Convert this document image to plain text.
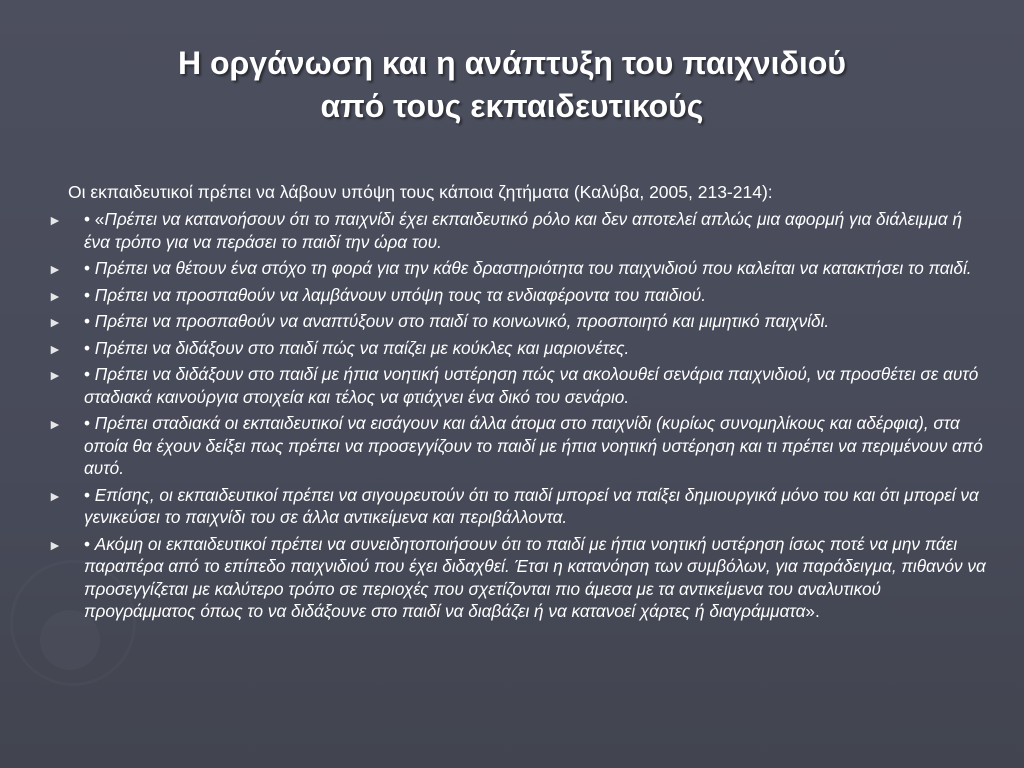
Η οργάνωση και η ανάπτυξη του παιχνιδιού
από τους εκπαιδευτικούς
Οι εκπαιδευτικοί πρέπει να λάβουν υπόψη τους κάποια ζητήματα (Καλύβα, 2005, 213-214):
► • «Πρέπει να κατανοήσουν ότι το παιχνίδι έχει εκπαιδευτικό ρόλο και δεν αποτελεί απλώς μια αφορμή για διάλειμμα ή ένα τρόπο για να περάσει το παιδί την ώρα του.
► • Πρέπει να θέτουν ένα στόχο τη φορά για την κάθε δραστηριότητα του παιχνιδιού που καλείται να κατακτήσει το παιδί.
► • Πρέπει να προσπαθούν να λαμβάνουν υπόψη τους τα ενδιαφέροντα του παιδιού.
► • Πρέπει να προσπαθούν να αναπτύξουν στο παιδί το κοινωνικό, προσποιητό και μιμητικό παιχνίδι.
► • Πρέπει να διδάξουν στο παιδί πώς να παίζει με κούκλες και μαριονέτες.
► • Πρέπει να διδάξουν στο παιδί με ήπια νοητική υστέρηση πώς να ακολουθεί σενάρια παιχνιδιού, να προσθέτει σε αυτό σταδιακά καινούργια στοιχεία και τέλος να φτιάχνει ένα δικό του σενάριο.
► • Πρέπει σταδιακά οι εκπαιδευτικοί να εισάγουν και άλλα άτομα στο παιχνίδι (κυρίως συνομηλίκους και αδέρφια), στα οποία θα έχουν δείξει πως πρέπει να προσεγγίζουν το παιδί με ήπια νοητική υστέρηση και τι πρέπει να περιμένουν από αυτό.
► • Επίσης, οι εκπαιδευτικοί πρέπει να σιγουρευτούν ότι το παιδί μπορεί να παίξει δημιουργικά μόνο του και ότι μπορεί να γενικεύσει το παιχνίδι του σε άλλα αντικείμενα και περιβάλλοντα.
► • Ακόμη οι εκπαιδευτικοί πρέπει να συνειδητοποιήσουν ότι το παιδί με ήπια νοητική υστέρηση ίσως ποτέ να μην πάει παραπέρα από το επίπεδο παιχνιδιού που έχει διδαχθεί. Έτσι η κατανόηση των συμβόλων, για παράδειγμα, πιθανόν να προσεγγίζεται με καλύτερο τρόπο σε περιοχές που σχετίζονται πιο άμεσα με τα αντικείμενα του αναλυτικού προγράμματος όπως το να διδάξουνε στο παιδί να διαβάζει ή να κατανοεί χάρτες ή διαγράμματα».
